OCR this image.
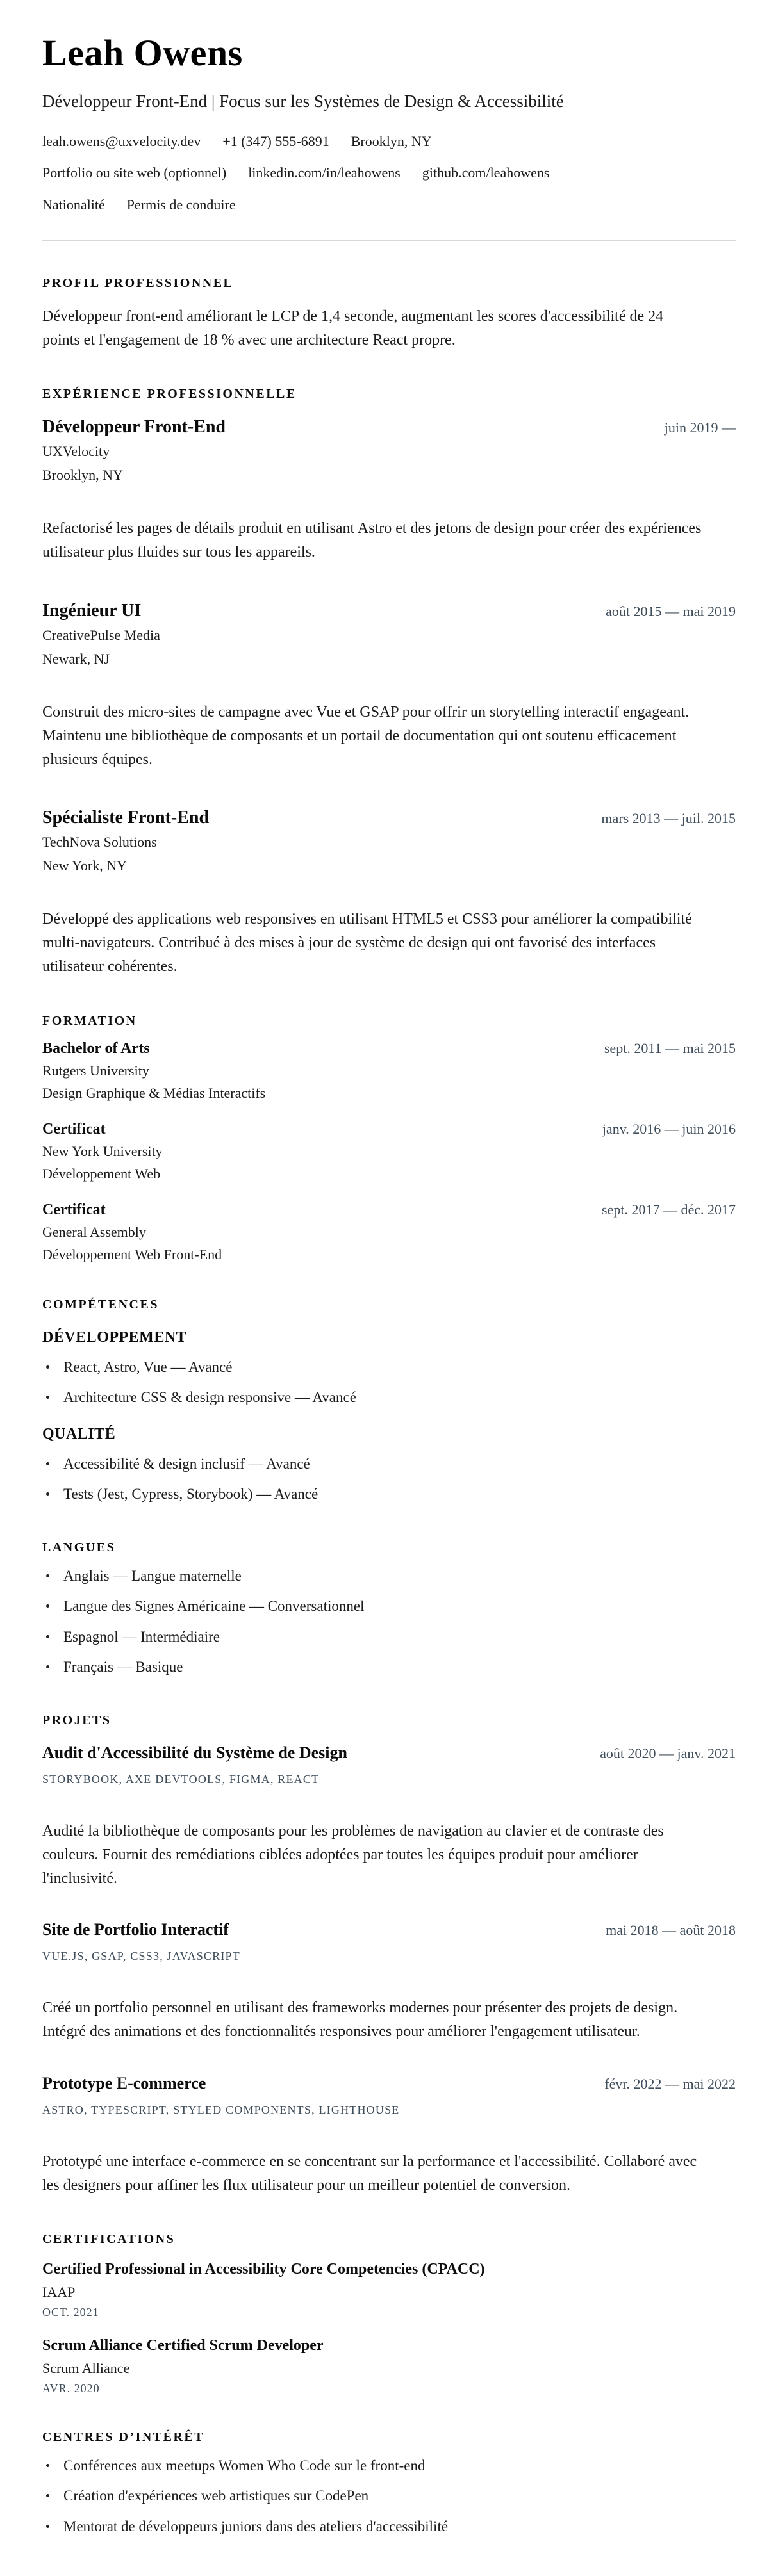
Leah Owens
Développeur Front-End | Focus sur les Systèmes de Design & Accessibilité
leah.owens@uxvelocity.dev +1 (347) 555-6891 Brooklyn, NY
Portfolio ou site web (optionnel) linkedin.com/in/leahowens github.com/leahowens
Nationalité Permis de conduire
PROFIL PROFESSIONNEL

Développeur front-end améliorant le LCP de 1,4 seconde, augmentant les scores d'accessibilité de 24 points et l'engagement de 18 % avec une architecture React propre.

EXPÉRIENCE PROFESSIONNELLE
Développeur Front-End	juin 2019 —
UXVelocity
Brooklyn, NY

Refactorisé les pages de détails produit en utilisant Astro et des jetons de design pour créer des expériences utilisateur plus fluides sur tous les appareils.

Ingénieur UI	août 2015 — mai 2019
CreativePulse Media
Newark, NJ

Construit des micro-sites de campagne avec Vue et GSAP pour offrir un storytelling interactif engageant. Maintenu une bibliothèque de composants et un portail de documentation qui ont soutenu efficacement plusieurs équipes.

Spécialiste Front-End	mars 2013 — juil. 2015
TechNova Solutions
New York, NY

Développé des applications web responsives en utilisant HTML5 et CSS3 pour améliorer la compatibilité multi-navigateurs. Contribué à des mises à jour de système de design qui ont favorisé des interfaces utilisateur cohérentes.

FORMATION
Bachelor of Arts	sept. 2011 — mai 2015
Rutgers University
Design Graphique & Médias Interactifs
Certificat	janv. 2016 — juin 2016
New York University
Développement Web
Certificat	sept. 2017 — déc. 2017
General Assembly
Développement Web Front-End
COMPÉTENCES
DÉVELOPPEMENT
React, Astro, Vue — Avancé
Architecture CSS & design responsive — Avancé
QUALITÉ
Accessibilité & design inclusif — Avancé
Tests (Jest, Cypress, Storybook) — Avancé
LANGUES
Anglais — Langue maternelle
Langue des Signes Américaine — Conversationnel
Espagnol — Intermédiaire
Français — Basique
PROJETS
Audit d'Accessibilité du Système de Design	août 2020 — janv. 2021
STORYBOOK, AXE DEVTOOLS, FIGMA, REACT

Audité la bibliothèque de composants pour les problèmes de navigation au clavier et de contraste des couleurs. Fournit des remédiations ciblées adoptées par toutes les équipes produit pour améliorer l'inclusivité.

Site de Portfolio Interactif	mai 2018 — août 2018
VUE.JS, GSAP, CSS3, JAVASCRIPT

Créé un portfolio personnel en utilisant des frameworks modernes pour présenter des projets de design. Intégré des animations et des fonctionnalités responsives pour améliorer l'engagement utilisateur.

Prototype E-commerce	févr. 2022 — mai 2022
ASTRO, TYPESCRIPT, STYLED COMPONENTS, LIGHTHOUSE

Prototypé une interface e-commerce en se concentrant sur la performance et l'accessibilité. Collaboré avec les designers pour affiner les flux utilisateur pour un meilleur potentiel de conversion.

CERTIFICATIONS
Certified Professional in Accessibility Core Competencies (CPACC)
IAAP
OCT. 2021
Scrum Alliance Certified Scrum Developer
Scrum Alliance
AVR. 2020
CENTRES D’INTÉRÊT
Conférences aux meetups Women Who Code sur le front-end
Création d'expériences web artistiques sur CodePen
Mentorat de développeurs juniors dans des ateliers d'accessibilité
